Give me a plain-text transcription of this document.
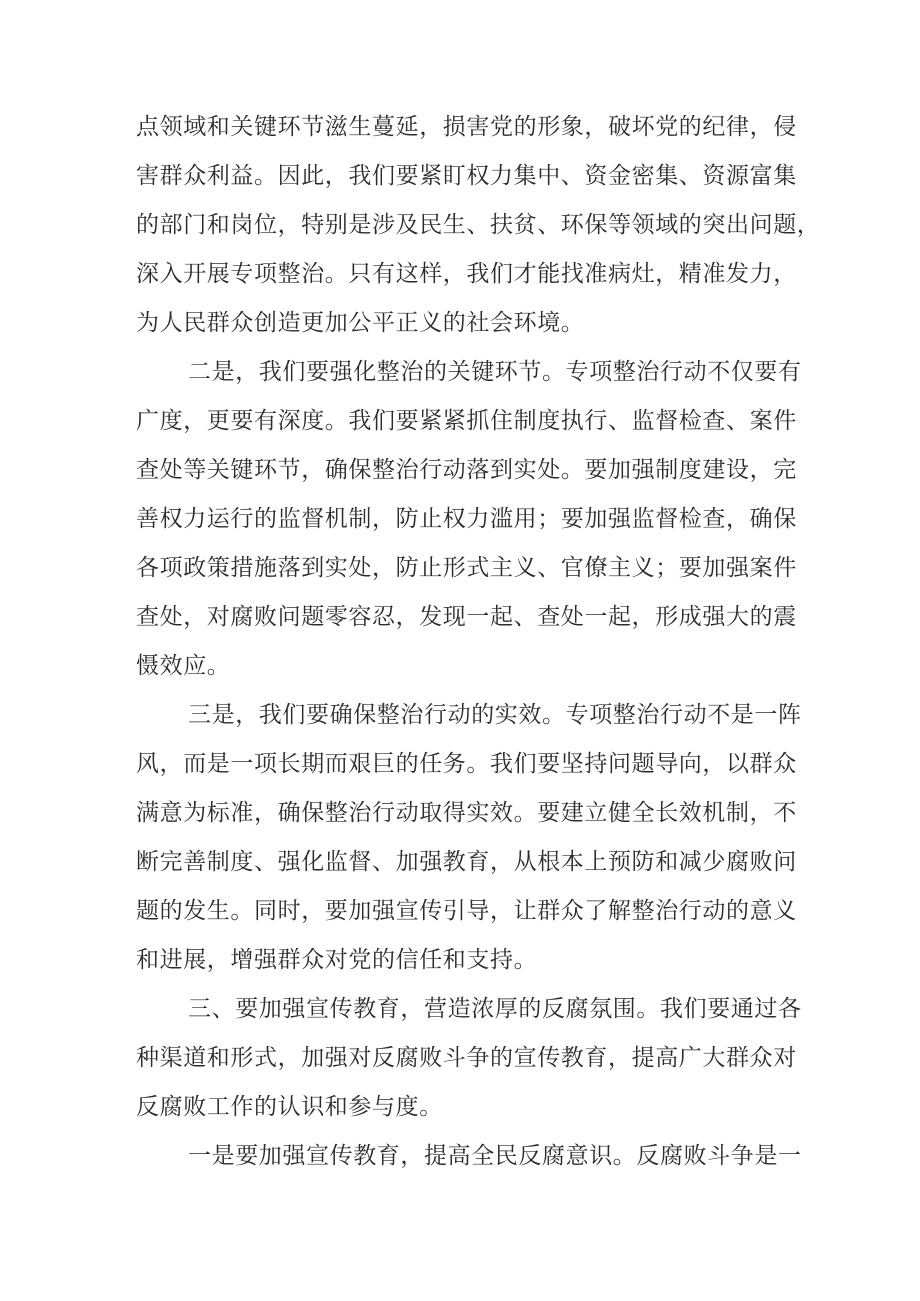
点领域和关键环节滋生蔓延，损害党的形象，破坏党的纪律，侵
害群众利益。因此，我们要紧盯权力集中、资金密集、资源富集
的部门和岗位，特别是涉及民生、扶贫、环保等领域的突出问题，
深入开展专项整治。只有这样，我们才能找准病灶，精准发力，
为人民群众创造更加公平正义的社会环境。
二是，我们要强化整治的关键环节。专项整治行动不仅要有
广度，更要有深度。我们要紧紧抓住制度执行、监督检查、案件
查处等关键环节，确保整治行动落到实处。要加强制度建设，完
善权力运行的监督机制，防止权力滥用；要加强监督检查，确保
各项政策措施落到实处，防止形式主义、官僚主义；要加强案件
查处，对腐败问题零容忍，发现一起、查处一起，形成强大的震
慑效应。
三是，我们要确保整治行动的实效。专项整治行动不是一阵
风，而是一项长期而艰巨的任务。我们要坚持问题导向，以群众
满意为标准，确保整治行动取得实效。要建立健全长效机制，不
断完善制度、强化监督、加强教育，从根本上预防和减少腐败问
题的发生。同时，要加强宣传引导，让群众了解整治行动的意义
和进展，增强群众对党的信任和支持。
三、要加强宣传教育，营造浓厚的反腐氛围。我们要通过各
种渠道和形式，加强对反腐败斗争的宣传教育，提高广大群众对
反腐败工作的认识和参与度。
一是要加强宣传教育，提高全民反腐意识。反腐败斗争是一
